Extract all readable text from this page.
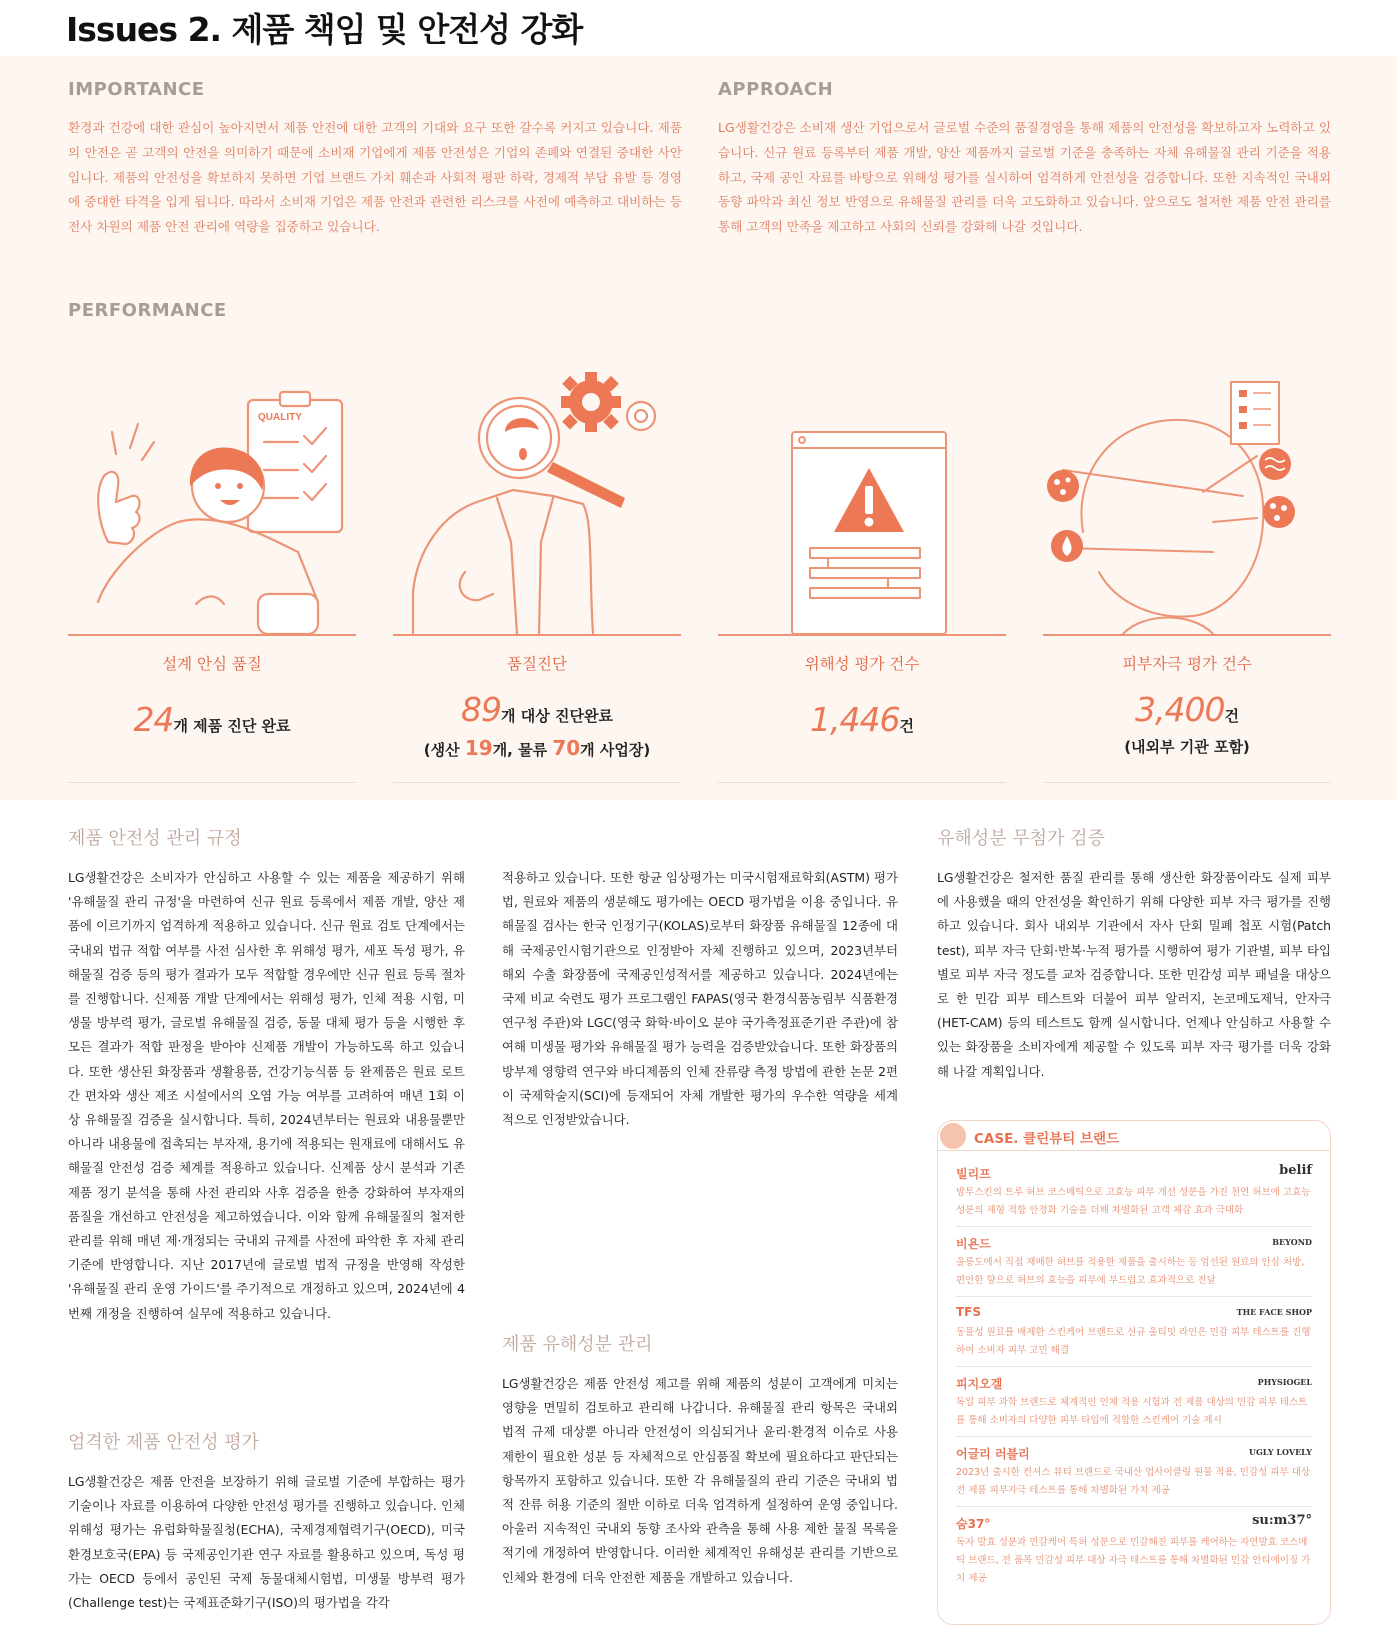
Issues 2. 제품 책임 및 안전성 강화
IMPORTANCE
환경과 건강에 대한 관심이 높아지면서 제품 안전에 대한 고객의 기대와 요구 또한 갈수록 커지고 있습니다. 제품의 안전은 곧 고객의 안전을 의미하기 때문에 소비재 기업에게 제품 안전성은 기업의 존폐와 연결된 중대한 사안입니다. 제품의 안전성을 확보하지 못하면 기업 브랜드 가치 훼손과 사회적 평판 하락, 경제적 부담 유발 등 경영에 중대한 타격을 입게 됩니다. 따라서 소비재 기업은 제품 안전과 관련한 리스크를 사전에 예측하고 대비하는 등 전사 차원의 제품 안전 관리에 역량을 집중하고 있습니다.
APPROACH
LG생활건강은 소비재 생산 기업으로서 글로벌 수준의 품질경영을 통해 제품의 안전성을 확보하고자 노력하고 있습니다. 신규 원료 등록부터 제품 개발, 양산 제품까지 글로벌 기준을 충족하는 자체 유해물질 관리 기준을 적용하고, 국제 공인 자료를 바탕으로 위해성 평가를 실시하여 엄격하게 안전성을 검증합니다. 또한 지속적인 국내외 동향 파악과 최신 정보 반영으로 유해물질 관리를 더욱 고도화하고 있습니다. 앞으로도 철저한 제품 안전 관리를 통해 고객의 만족을 제고하고 사회의 신뢰를 강화해 나갈 것입니다.
PERFORMANCE
QUALITY
설계 안심 품질
24개 제품 진단 완료
품질진단
89개 대상 진단완료
(생산 19개, 물류 70개 사업장)
위해성 평가 건수
1,446건
피부자극 평가 건수
3,400건
(내외부 기관 포함)
제품 안전성 관리 규정
LG생활건강은 소비자가 안심하고 사용할 수 있는 제품을 제공하기 위해 '유해물질 관리 규정'을 마련하여 신규 원료 등록에서 제품 개발, 양산 제품에 이르기까지 엄격하게 적용하고 있습니다. 신규 원료 검토 단계에서는 국내외 법규 적합 여부를 사전 심사한 후 위해성 평가, 세포 독성 평가, 유해물질 검증 등의 평가 결과가 모두 적합할 경우에만 신규 원료 등록 절차를 진행합니다. 신제품 개발 단계에서는 위해성 평가, 인체 적용 시험, 미생물 방부력 평가, 글로벌 유해물질 검증, 동물 대체 평가 등을 시행한 후 모든 결과가 적합 판정을 받아야 신제품 개발이 가능하도록 하고 있습니다. 또한 생산된 화장품과 생활용품, 건강기능식품 등 완제품은 원료 로트 간 편차와 생산 제조 시설에서의 오염 가능 여부를 고려하여 매년 1회 이상 유해물질 검증을 실시합니다. 특히, 2024년부터는 원료와 내용물뿐만 아니라 내용물에 접촉되는 부자재, 용기에 적용되는 원재료에 대해서도 유해물질 안전성 검증 체계를 적용하고 있습니다. 신제품 상시 분석과 기존 제품 정기 분석을 통해 사전 관리와 사후 검증을 한층 강화하여 부자재의 품질을 개선하고 안전성을 제고하였습니다. 이와 함께 유해물질의 철저한 관리를 위해 매년 제·개정되는 국내외 규제를 사전에 파악한 후 자체 관리 기준에 반영합니다. 지난 2017년에 글로벌 법적 규정을 반영해 작성한 '유해물질 관리 운영 가이드'를 주기적으로 개정하고 있으며, 2024년에 4번째 개정을 진행하여 실무에 적용하고 있습니다.
엄격한 제품 안전성 평가
LG생활건강은 제품 안전을 보장하기 위해 글로벌 기준에 부합하는 평가 기술이나 자료를 이용하여 다양한 안전성 평가를 진행하고 있습니다. 인체 위해성 평가는 유럽화학물질청(ECHA), 국제경제협력기구(OECD), 미국환경보호국(EPA) 등 국제공인기관 연구 자료를 활용하고 있으며, 독성 평가는 OECD 등에서 공인된 국제 동물대체시험법, 미생물 방부력 평가(Challenge test)는 국제표준화기구(ISO)의 평가법을 각각
적용하고 있습니다. 또한 항균 임상평가는 미국시험재료학회(ASTM) 평가법, 원료와 제품의 생분해도 평가에는 OECD 평가법을 이용 중입니다. 유해물질 검사는 한국 인정기구(KOLAS)로부터 화장품 유해물질 12종에 대해 국제공인시험기관으로 인정받아 자체 진행하고 있으며, 2023년부터 해외 수출 화장품에 국제공인성적서를 제공하고 있습니다. 2024년에는 국제 비교 숙련도 평가 프로그램인 FAPAS(영국 환경식품농림부 식품환경연구청 주관)와 LGC(영국 화학·바이오 분야 국가측정표준기관 주관)에 참여해 미생물 평가와 유해물질 평가 능력을 검증받았습니다. 또한 화장품의 방부제 영향력 연구와 바디제품의 인체 잔류량 측정 방법에 관한 논문 2편이 국제학술지(SCI)에 등재되어 자체 개발한 평가의 우수한 역량을 세계적으로 인정받았습니다.
제품 유해성분 관리
LG생활건강은 제품 안전성 제고를 위해 제품의 성분이 고객에게 미치는 영향을 면밀히 검토하고 관리해 나갑니다. 유해물질 관리 항목은 국내외 법적 규제 대상뿐 아니라 안전성이 의심되거나 윤리·환경적 이슈로 사용 제한이 필요한 성분 등 자체적으로 안심품질 확보에 필요하다고 판단되는 항목까지 포함하고 있습니다. 또한 각 유해물질의 관리 기준은 국내외 법적 잔류 허용 기준의 절반 이하로 더욱 엄격하게 설정하여 운영 중입니다. 아울러 지속적인 국내외 동향 조사와 관측을 통해 사용 제한 물질 목록을 적기에 개정하여 반영합니다. 이러한 체계적인 유해성분 관리를 기반으로 인체와 환경에 더욱 안전한 제품을 개발하고 있습니다.
유해성분 무첨가 검증
LG생활건강은 철저한 품질 관리를 통해 생산한 화장품이라도 실제 피부에 사용했을 때의 안전성을 확인하기 위해 다양한 피부 자극 평가를 진행하고 있습니다. 회사 내외부 기관에서 자사 단회 밀폐 첩포 시험(Patch test), 피부 자극 단회·반복·누적 평가를 시행하여 평가 기관별, 피부 타입별로 피부 자극 정도를 교차 검증합니다. 또한 민감성 피부 패널을 대상으로 한 민감 피부 테스트와 더불어 피부 알러지, 논코메도제닉, 안자극(HET-CAM) 등의 테스트도 함께 실시합니다. 언제나 안심하고 사용할 수 있는 화장품을 소비자에게 제공할 수 있도록 피부 자극 평가를 더욱 강화해 나갈 계획입니다.
CASE. 클린뷰티 브랜드
빌리프	belif
밤투스킨의 트루 허브 코스메틱으로 고효능 피부 개선 성분을 가진 천연 허브에 고효능 성분의 제형 적합 안정화 기술을 더해 차별화된 고객 체감 효과 극대화
비욘드	BEYOND
울릉도에서 직접 재배한 허브를 적용한 제품을 출시하는 등 엄선된 원료의 안심 처방, 편안한 향으로 허브의 효능을 피부에 부드럽고 효과적으로 전달
TFS	THE FACE SHOP
동물성 원료를 배제한 스킨케어 브랜드로 신규 울티밋 라인은 민감 피부 테스트를 진행하여 소비자 피부 고민 해결
피지오겔	PHYSIOGEL
독일 피부 과학 브랜드로 체계적인 인체 적용 시험과 전 제품 대상의 민감 피부 테스트를 통해 소비자의 다양한 피부 타입에 적합한 스킨케어 기술 제시
어글리 러블리	UGLY LOVELY
2023년 출시한 컨셔스 뷰티 브랜드로 국내산 업사이클링 원물 적용, 민감성 피부 대상 전 제품 피부자극 테스트를 통해 차별화된 가치 제공
숨37°	su:m37°
독자 발효 성분과 민감케어 특허 성분으로 민감해진 피부를 케어하는 자연발효 코스메틱 브랜드, 전 품목 민감성 피부 대상 자극 테스트를 통해 차별화된 민감 안티에이징 가치 제공
